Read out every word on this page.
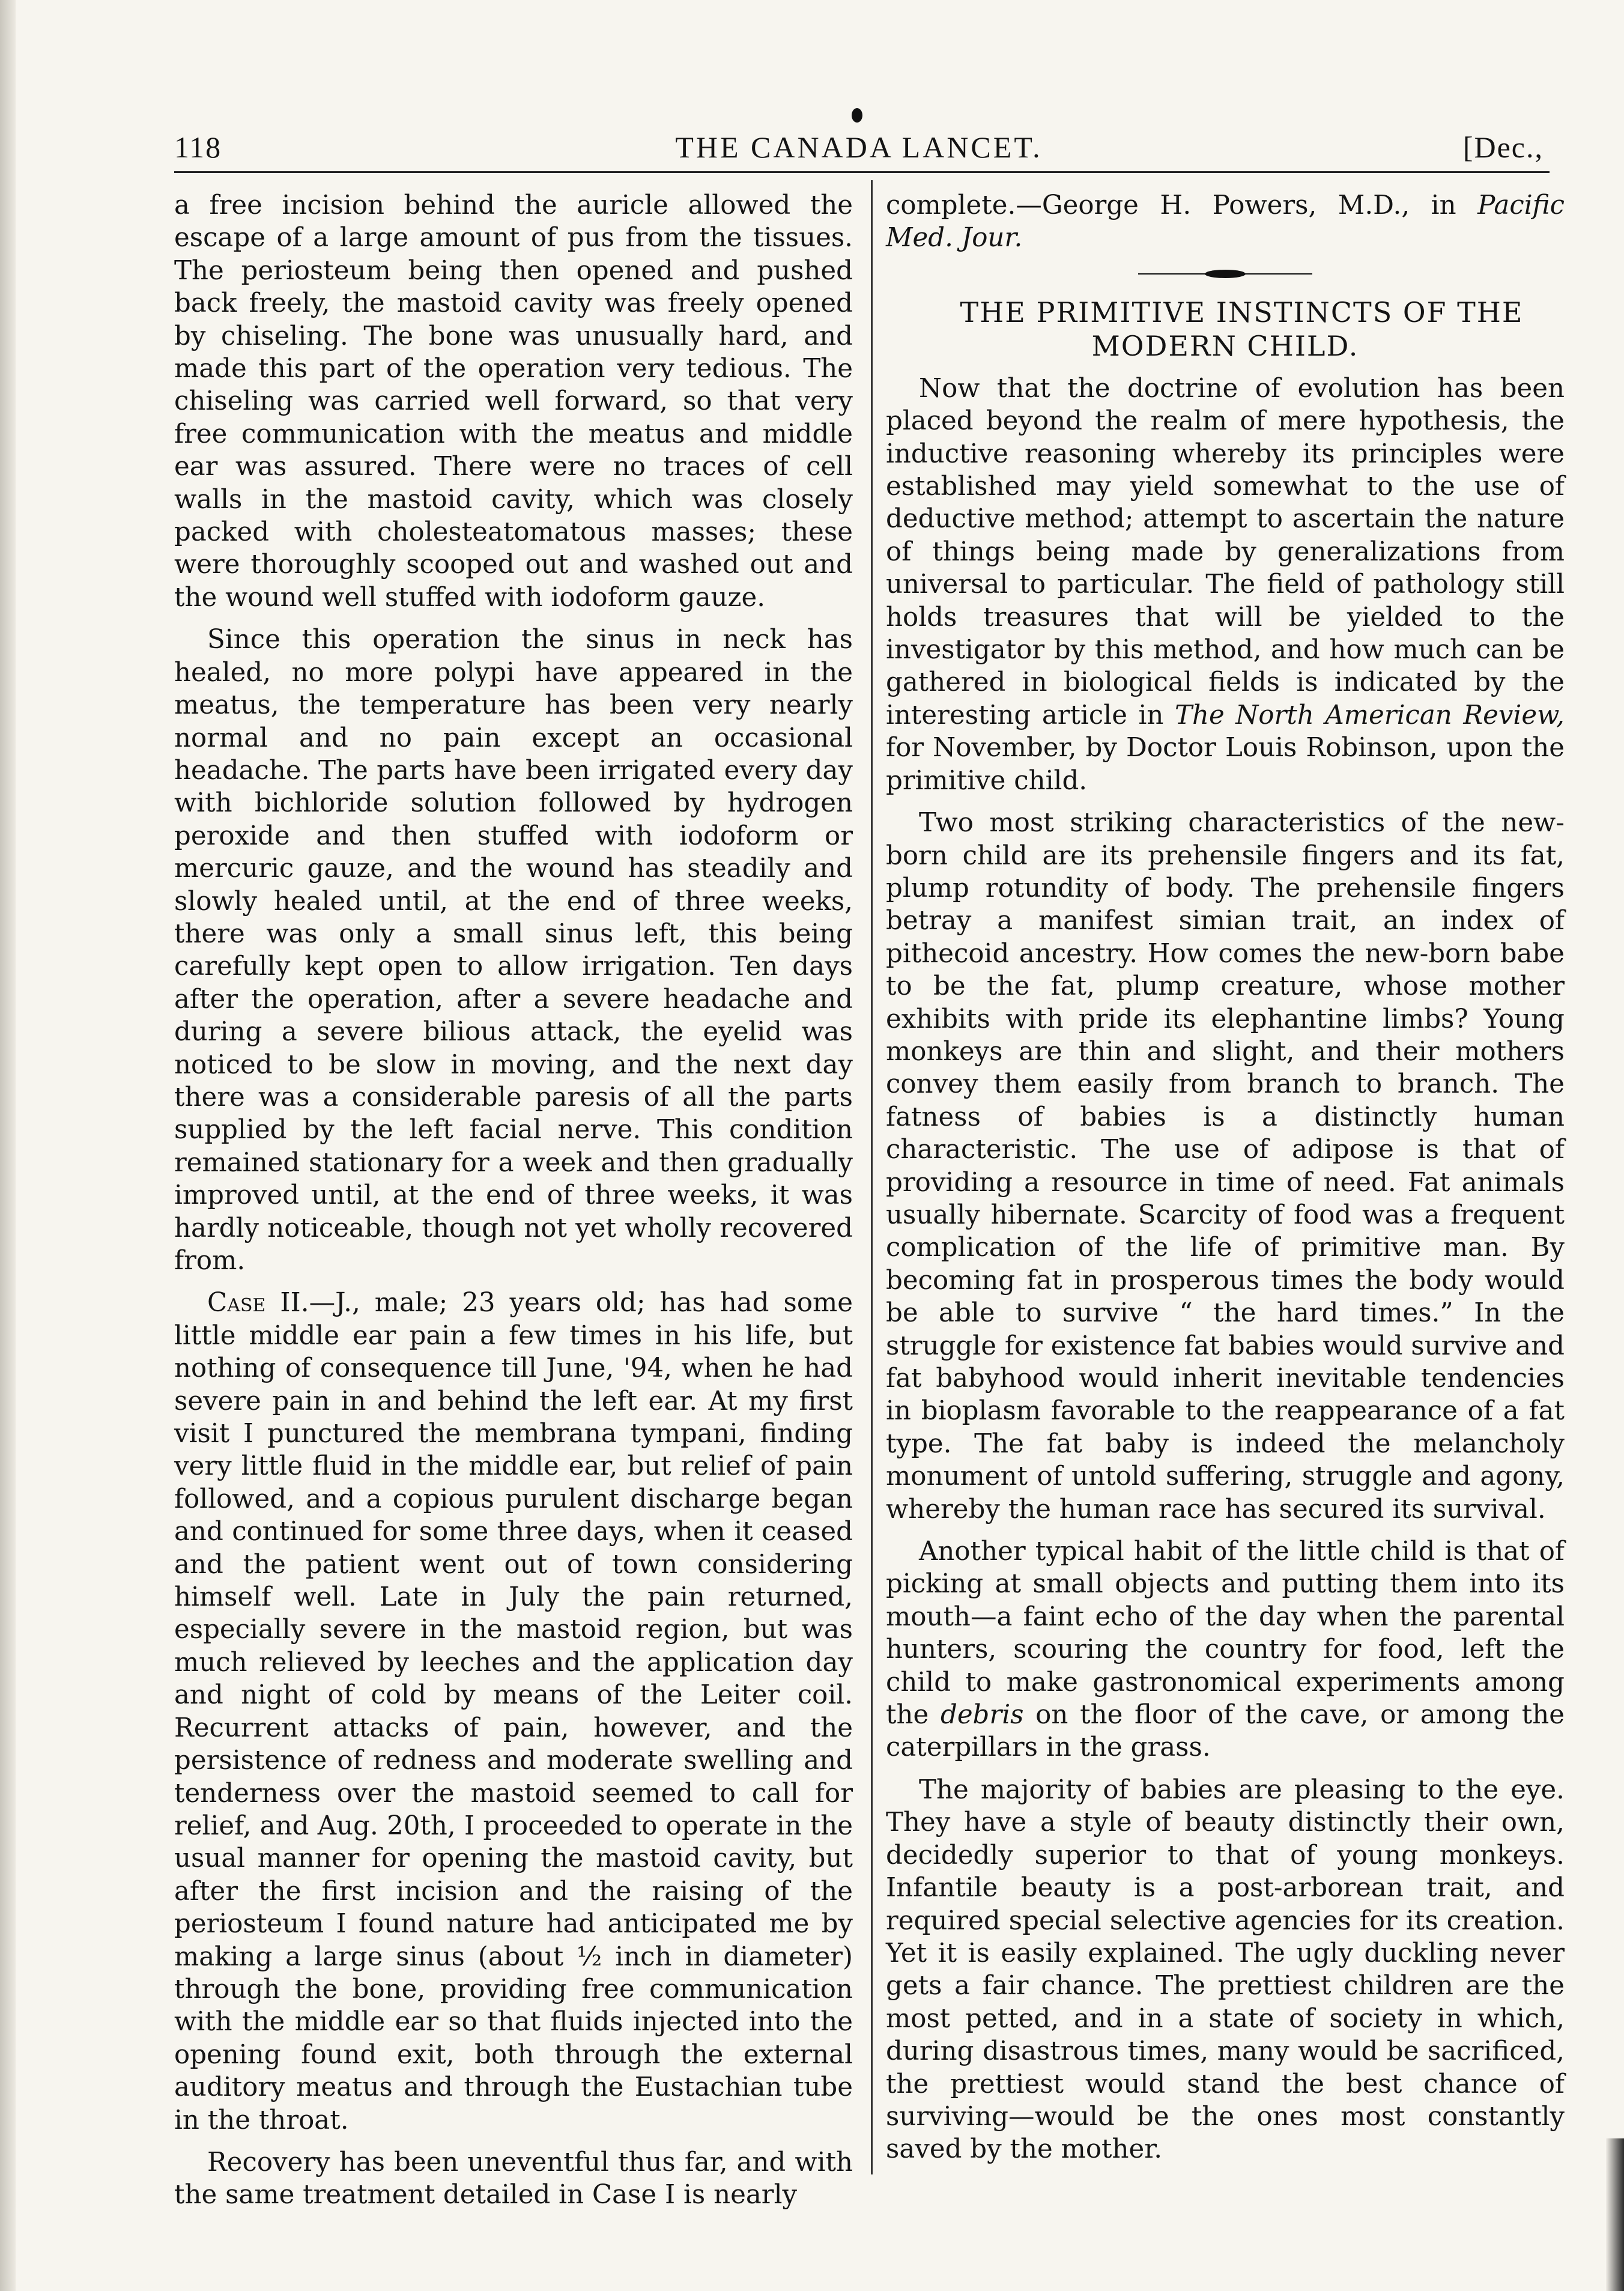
118	THE CANADA LANCET.	[Dec.,

a free incision behind the auricle allowed the escape of a large amount of pus from the tissues. The periosteum being then opened and pushed back freely, the mastoid cavity was freely opened by chiseling. The bone was unusually hard, and made this part of the operation very tedious. The chiseling was carried well forward, so that very free communication with the meatus and middle ear was assured. There were no traces of cell walls in the mastoid cavity, which was closely packed with cholesteatomatous masses; these were thoroughly scooped out and washed out and the wound well stuffed with iodoform gauze.

Since this operation the sinus in neck has healed, no more polypi have appeared in the meatus, the temperature has been very nearly normal and no pain except an occasional headache. The parts have been irrigated every day with bichloride solution followed by hydrogen peroxide and then stuffed with iodoform or mercuric gauze, and the wound has steadily and slowly healed until, at the end of three weeks, there was only a small sinus left, this being carefully kept open to allow irrigation. Ten days after the operation, after a severe headache and during a severe bilious attack, the eyelid was noticed to be slow in moving, and the next day there was a considerable paresis of all the parts supplied by the left facial nerve. This condition remained stationary for a week and then gradually improved until, at the end of three weeks, it was hardly noticeable, though not yet wholly recovered from.

Case II.—J., male; 23 years old; has had some little middle ear pain a few times in his life, but nothing of consequence till June, '94, when he had severe pain in and behind the left ear. At my first visit I punctured the membrana tympani, finding very little fluid in the middle ear, but relief of pain followed, and a copious purulent discharge began and continued for some three days, when it ceased and the patient went out of town considering himself well. Late in July the pain returned, especially severe in the mastoid region, but was much relieved by leeches and the application day and night of cold by means of the Leiter coil. Recurrent attacks of pain, however, and the persistence of redness and moderate swelling and tenderness over the mastoid seemed to call for relief, and Aug. 20th, I proceeded to operate in the usual manner for opening the mastoid cavity, but after the first incision and the raising of the periosteum I found nature had anticipated me by making a large sinus (about ½ inch in diameter) through the bone, providing free communication with the middle ear so that fluids injected into the opening found exit, both through the external auditory meatus and through the Eustachian tube in the throat.

Recovery has been uneventful thus far, and with the same treatment detailed in Case I is nearly

complete.—George H. Powers, M.D., in Pacific Med. Jour.

THE PRIMITIVE INSTINCTS OF THE MODERN CHILD.

Now that the doctrine of evolution has been placed beyond the realm of mere hypothesis, the inductive reasoning whereby its principles were established may yield somewhat to the use of deductive method; attempt to ascertain the nature of things being made by generalizations from universal to particular. The field of pathology still holds treasures that will be yielded to the investigator by this method, and how much can be gathered in biological fields is indicated by the interesting article in The North American Review, for November, by Doctor Louis Robinson, upon the primitive child.

Two most striking characteristics of the new-born child are its prehensile fingers and its fat, plump rotundity of body. The prehensile fingers betray a manifest simian trait, an index of pithecoid ancestry. How comes the new-born babe to be the fat, plump creature, whose mother exhibits with pride its elephantine limbs? Young monkeys are thin and slight, and their mothers convey them easily from branch to branch. The fatness of babies is a distinctly human characteristic. The use of adipose is that of providing a resource in time of need. Fat animals usually hibernate. Scarcity of food was a frequent complication of the life of primitive man. By becoming fat in prosperous times the body would be able to survive “ the hard times.” In the struggle for existence fat babies would survive and fat babyhood would inherit inevitable tendencies in bioplasm favorable to the reappearance of a fat type. The fat baby is indeed the melancholy monument of untold suffering, struggle and agony, whereby the human race has secured its survival.

Another typical habit of the little child is that of picking at small objects and putting them into its mouth—a faint echo of the day when the parental hunters, scouring the country for food, left the child to make gastronomical experiments among the debris on the floor of the cave, or among the caterpillars in the grass.

The majority of babies are pleasing to the eye. They have a style of beauty distinctly their own, decidedly superior to that of young monkeys. Infantile beauty is a post-arborean trait, and required special selective agencies for its creation. Yet it is easily explained. The ugly duckling never gets a fair chance. The prettiest children are the most petted, and in a state of society in which, during disastrous times, many would be sacrificed, the prettiest would stand the best chance of surviving—would be the ones most constantly saved by the mother.
